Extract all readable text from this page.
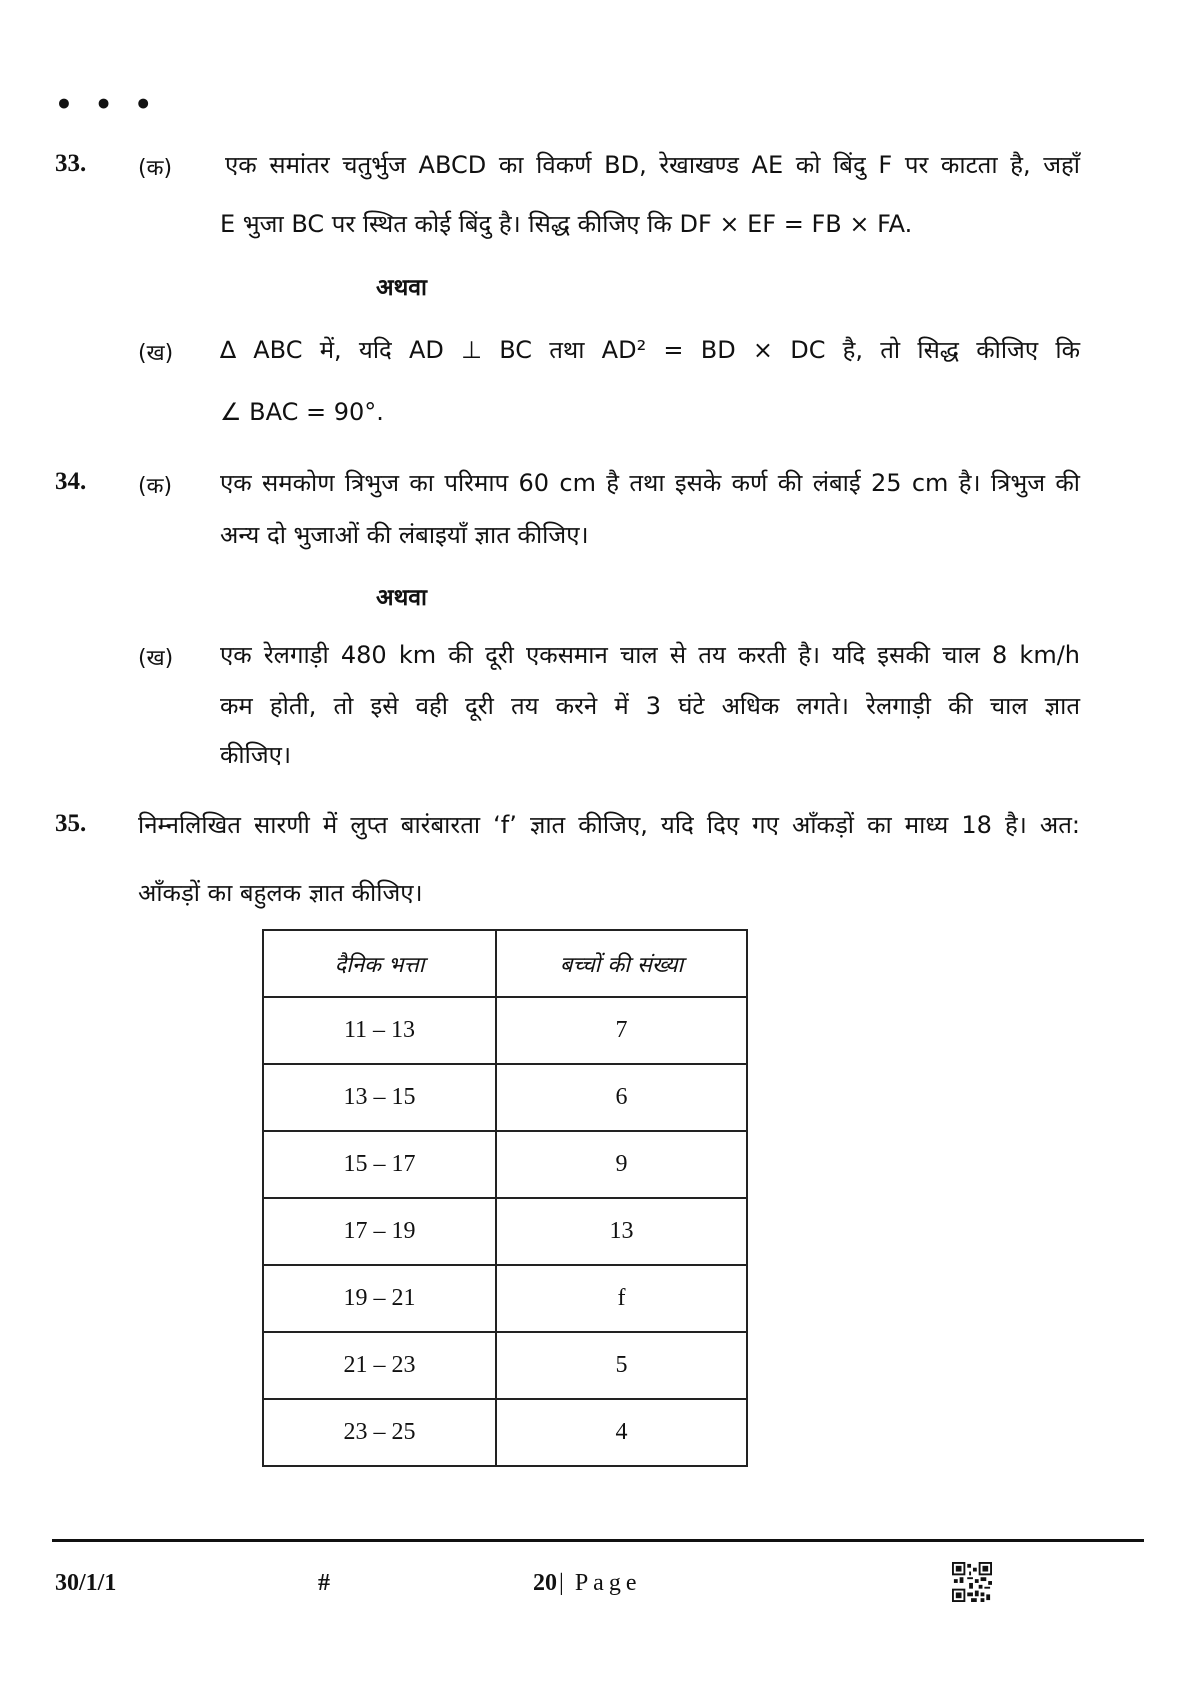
• • •
33. (क) एक समांतर चतुर्भुज ABCD का विकर्ण BD, रेखाखण्ड AE को बिंदु F पर काटता है, जहाँ
E भुजा BC पर स्थित कोई बिंदु है। सिद्ध कीजिए कि DF × EF = FB × FA.
अथवा
(ख) ∆ ABC में, यदि AD ⊥ BC तथा AD² = BD × DC है, तो सिद्ध कीजिए कि
∠ BAC = 90°.
34. (क) एक समकोण त्रिभुज का परिमाप 60 cm है तथा इसके कर्ण की लंबाई 25 cm है। त्रिभुज की
अन्य दो भुजाओं की लंबाइयाँ ज्ञात कीजिए।
अथवा
(ख) एक रेलगाड़ी 480 km की दूरी एकसमान चाल से तय करती है। यदि इसकी चाल 8 km/h
कम होती, तो इसे वही दूरी तय करने में 3 घंटे अधिक लगते। रेलगाड़ी की चाल ज्ञात
कीजिए।
35. निम्नलिखित सारणी में लुप्त बारंबारता ‘f’ ज्ञात कीजिए, यदि दिए गए आँकड़ों का माध्य 18 है। अत:
आँकड़ों का बहुलक ज्ञात कीजिए।
दैनिक भत्ता	बच्चों की संख्या
11 – 13	7
13 – 15	6
15 – 17	9
17 – 19	13
19 – 21	f
21 – 23	5
23 – 25	4
30/1/1	#	20| Page
